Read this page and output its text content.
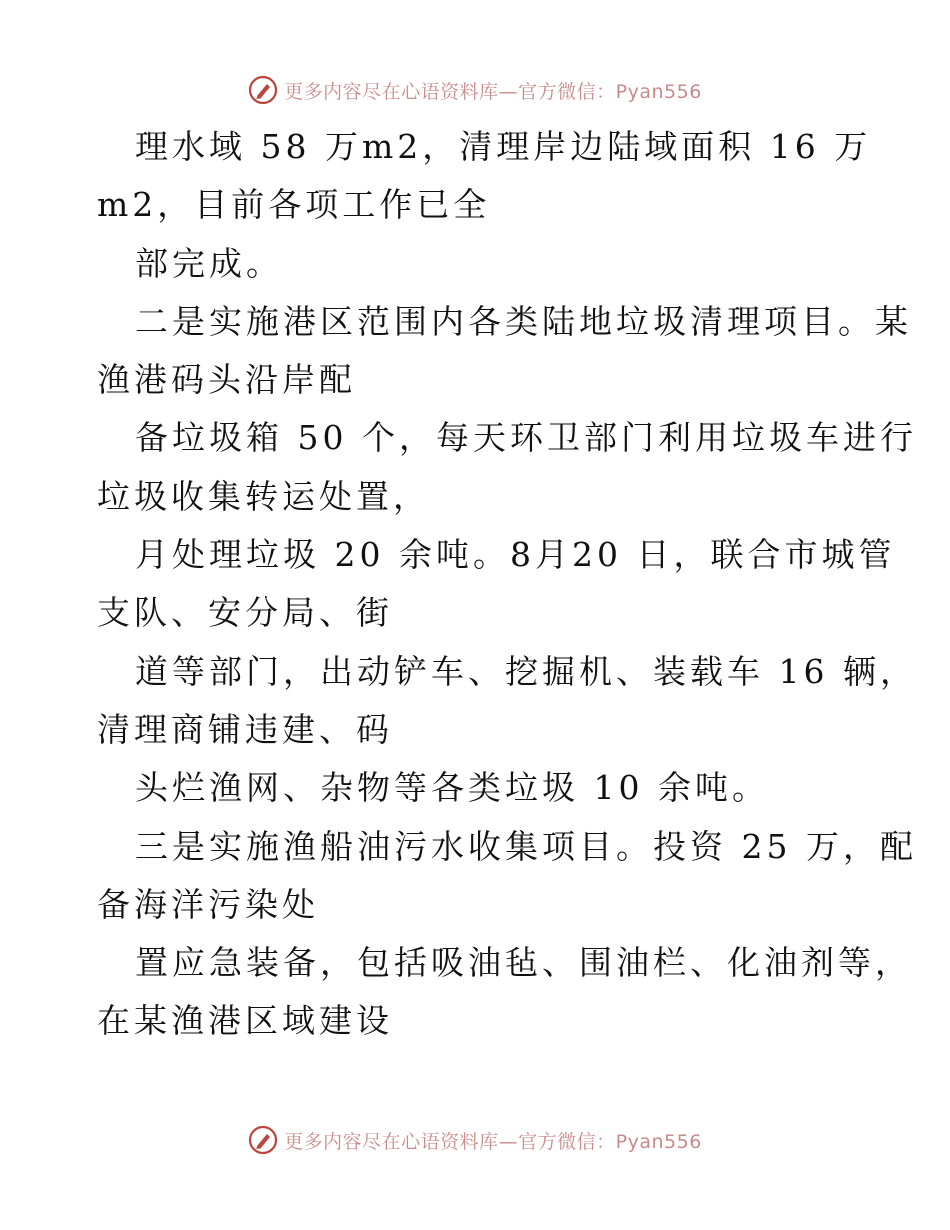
更多内容尽在心语资料库—官方微信：Pyan556
理水域 58 万m2，清理岸边陆域面积 16 万
m2，目前各项工作已全
部完成。
二是实施港区范围内各类陆地垃圾清理项目。某
渔港码头沿岸配
备垃圾箱 50 个，每天环卫部门利用垃圾车进行
垃圾收集转运处置，
月处理垃圾 20 余吨。8月20 日，联合市城管
支队、安分局、街
道等部门，出动铲车、挖掘机、装载车 16 辆，
清理商铺违建、码
头烂渔网、杂物等各类垃圾 10 余吨。
三是实施渔船油污水收集项目。投资 25 万，配
备海洋污染处
置应急装备，包括吸油毡、围油栏、化油剂等，
在某渔港区域建设
更多内容尽在心语资料库—官方微信：Pyan556
